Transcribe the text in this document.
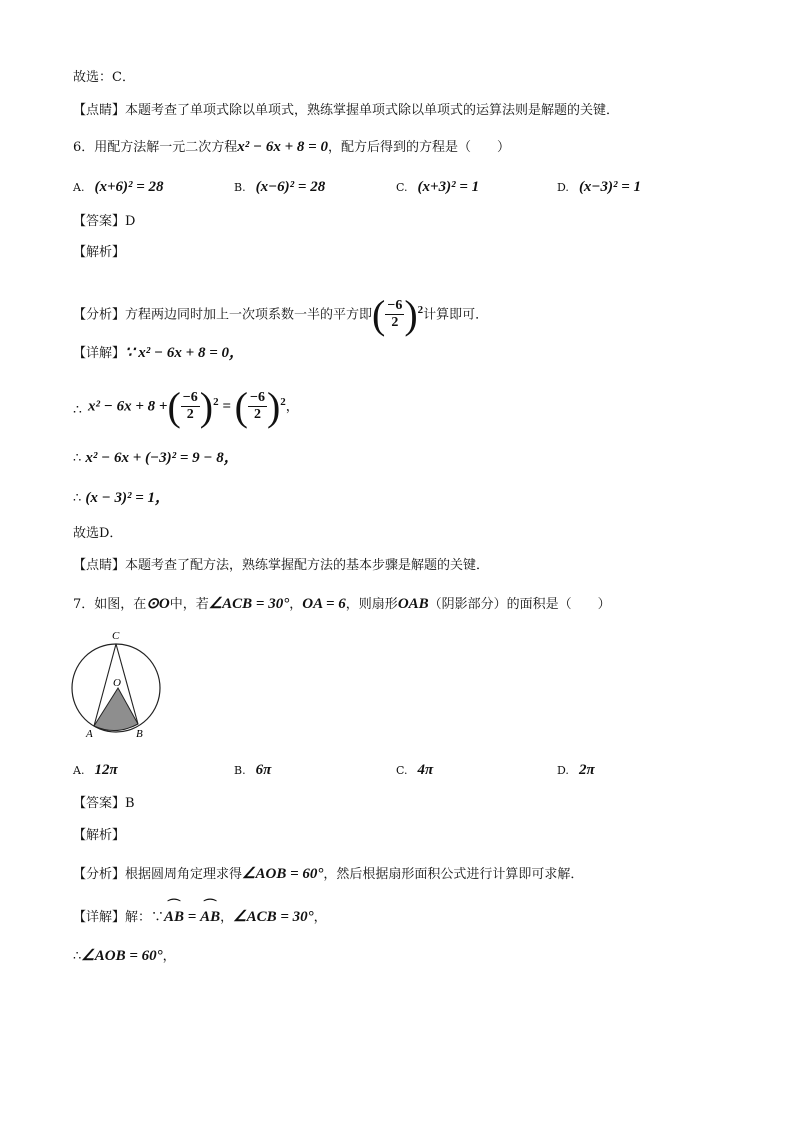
故选：C．
【点睛】本题考查了单项式除以单项式，熟练掌握单项式除以单项式的运算法则是解题的关键．
6．用配方法解一元二次方程x² − 6x + 8 = 0，配方后得到的方程是（　　）
A. (x+6)² = 28	B. (x−6)² = 28	C. (x+3)² = 1	D. (x−3)² = 1
【答案】D
【解析】
【分析】方程两边同时加上一次项系数一半的平方即( $\frac{-6}{2} )^2$计算即可．
【详解】∵ x² − 6x + 8 = 0，
∴ x² − 6x + 8 +( $\frac{-6}{2} )^2$ = ( $\frac{-6}{2} )^2$，
∴ x² − 6x + (−3)² = 9 − 8，
∴ (x − 3)² = 1，
故选D．
【点睛】本题考查了配方法，熟练掌握配方法的基本步骤是解题的关键．
7．如图，在⊙O中，若∠ACB = 30°，OA = 6，则扇形OAB（阴影部分）的面积是（　　）
C
O
A	B
A. 12π	B. 6π	C. 4π	D. 2π
【答案】B
【解析】
【分析】根据圆周角定理求得∠AOB = 60°，然后根据扇形面积公式进行计算即可求解．
【详解】解：∵⌒ AB = ⌒ AB，∠ACB = 30°，
∴∠AOB = 60°，
